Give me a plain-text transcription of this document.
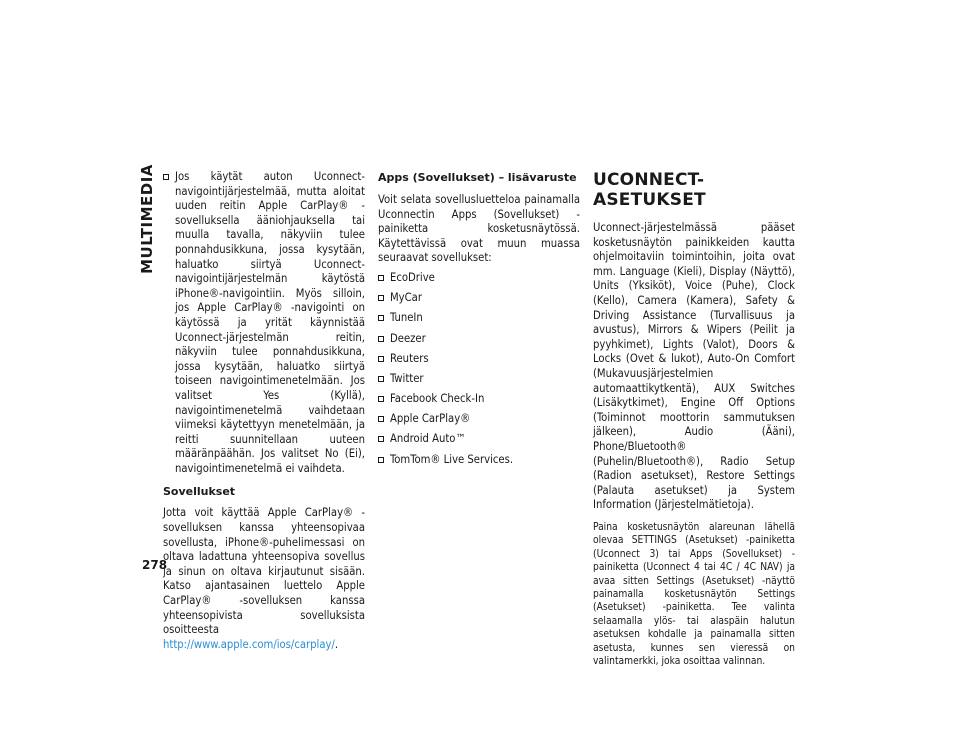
MULTIMEDIA
278
Jos käytät auton Uconnect-navigointijärjestelmää, mutta aloitat uuden reitin Apple CarPlay® -sovelluksella ääniohjauksella tai muulla tavalla, näkyviin tulee ponnahdusikkuna, jossa kysytään, haluatko siirtyä Uconnect-navigointijärjestelmän käytöstä iPhone®-navigointiin. Myös silloin, jos Apple CarPlay® -navigointi on käytössä ja yrität käynnistää Uconnect-järjestelmän reitin, näkyviin tulee ponnahdusikkuna, jossa kysytään, haluatko siirtyä toiseen navigointimenetelmään. Jos valitset Yes (Kyllä), navigointimenetelmä vaihdetaan viimeksi käytettyyn menetelmään, ja reitti suunnitellaan uuteen määränpäähän. Jos valitset No (Ei), navigointimenetelmä ei vaihdeta.
Sovellukset

Jotta voit käyttää Apple CarPlay® -sovelluksen kanssa yhteensopivaa sovellusta, iPhone®-puhelimessasi on oltava ladattuna yhteensopiva sovellus ja sinun on oltava kirjautunut sisään. Katso ajantasainen luettelo Apple CarPlay® -sovelluksen kanssa yhteensopivista sovelluksista osoitteesta http://www.apple.com/ios/carplay/.

Apps (Sovellukset) – lisävaruste

Voit selata sovellusluetteloa painamalla Uconnectin Apps (Sovellukset) -painiketta kosketusnäytössä. Käytettävissä ovat muun muassa seuraavat sovellukset:

EcoDrive
MyCar
TuneIn
Deezer
Reuters
Twitter
Facebook Check-In
Apple CarPlay®
Android Auto™
TomTom® Live Services.
UCONNECT-ASETUKSET

Uconnect-järjestelmässä pääset kosketusnäytön painikkeiden kautta ohjelmoitaviin toimintoihin, joita ovat mm. Language (Kieli), Display (Näyttö), Units (Yksiköt), Voice (Puhe), Clock (Kello), Camera (Kamera), Safety & Driving Assistance (Turvallisuus ja avustus), Mirrors & Wipers (Peilit ja pyyhkimet), Lights (Valot), Doors & Locks (Ovet & lukot), Auto-On Comfort (Mukavuusjärjestelmien automaattikytkentä), AUX Switches (Lisäkytkimet), Engine Off Options (Toiminnot moottorin sammutuksen jälkeen), Audio (Ääni), Phone/Bluetooth® (Puhelin/Bluetooth®), Radio Setup (Radion asetukset), Restore Settings (Palauta asetukset) ja System Information (Järjestelmätietoja).

Paina kosketusnäytön alareunan lähellä olevaa SETTINGS (Asetukset) -painiketta (Uconnect 3) tai Apps (Sovellukset) -painiketta (Uconnect 4 tai 4C / 4C NAV) ja avaa sitten Settings (Asetukset) -näyttö painamalla kosketusnäytön Settings (Asetukset) -painiketta. Tee valinta selaamalla ylös- tai alaspäin halutun asetuksen kohdalle ja painamalla sitten asetusta, kunnes sen vieressä on valintamerkki, joka osoittaa valinnan.
